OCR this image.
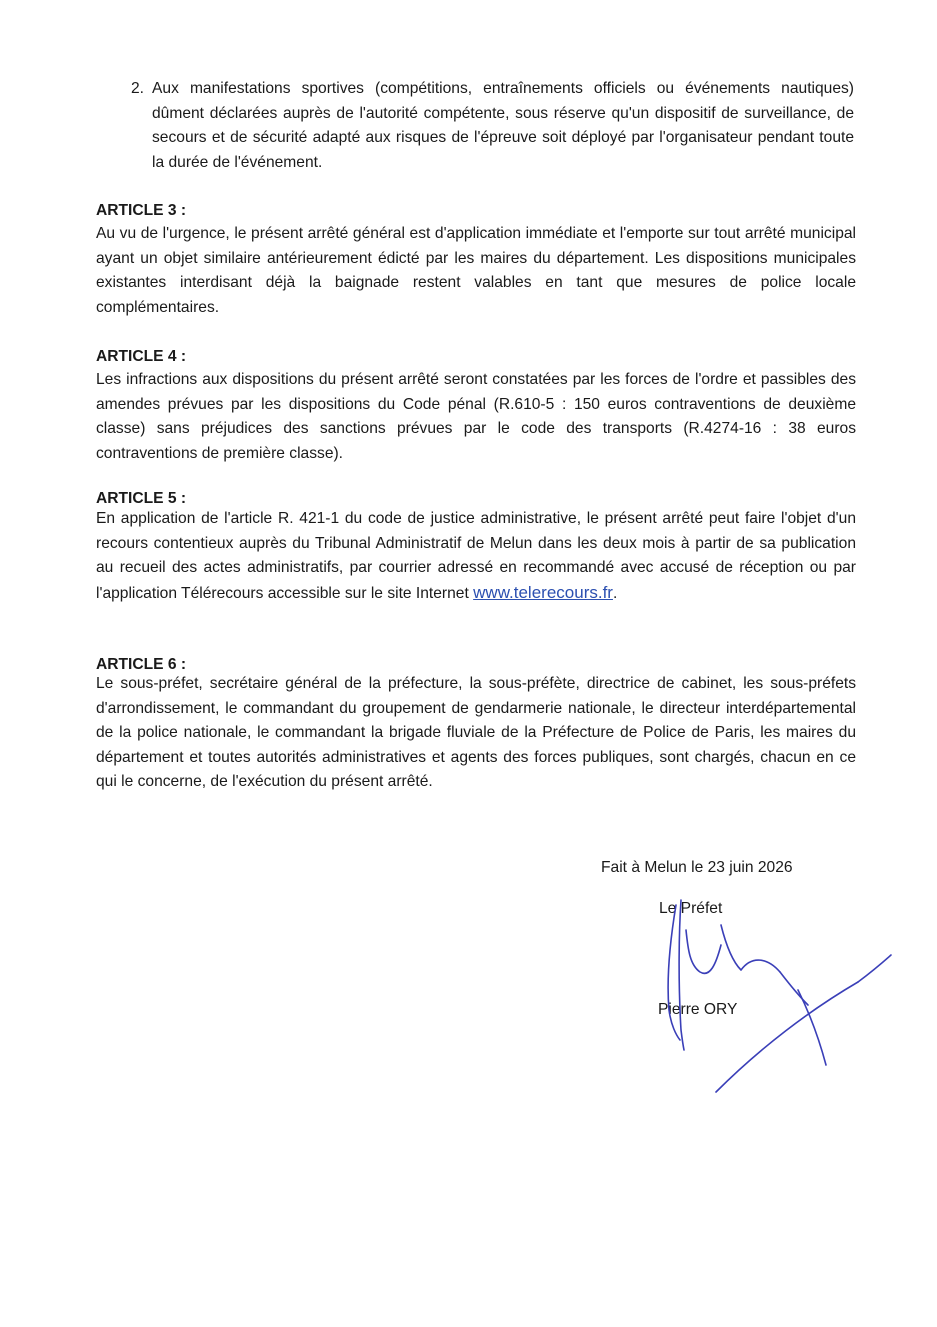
2. Aux manifestations sportives (compétitions, entraînements officiels ou événements nautiques) dûment déclarées auprès de l'autorité compétente, sous réserve qu'un dispositif de surveillance, de secours et de sécurité adapté aux risques de l'épreuve soit déployé par l'organisateur pendant toute la durée de l'événement.
ARTICLE 3 :
Au vu de l'urgence, le présent arrêté général est d'application immédiate et l'emporte sur tout arrêté municipal ayant un objet similaire antérieurement édicté par les maires du département. Les dispositions municipales existantes interdisant déjà la baignade restent valables en tant que mesures de police locale complémentaires.
ARTICLE 4 :
Les infractions aux dispositions du présent arrêté seront constatées par les forces de l'ordre et passibles des amendes prévues par les dispositions du Code pénal (R.610-5 : 150 euros contraventions de deuxième classe) sans préjudices des sanctions prévues par le code des transports (R.4274-16 : 38 euros contraventions de première classe).
ARTICLE 5 :
En application de l'article R. 421-1 du code de justice administrative, le présent arrêté peut faire l'objet d'un recours contentieux auprès du Tribunal Administratif de Melun dans les deux mois à partir de sa publication au recueil des actes administratifs, par courrier adressé en recommandé avec accusé de réception ou par l'application Télérecours accessible sur le site Internet www.telerecours.fr.
ARTICLE 6 :
Le sous-préfet, secrétaire général de la préfecture, la sous-préfète, directrice de cabinet, les sous-préfets d'arrondissement, le commandant du groupement de gendarmerie nationale, le directeur interdépartemental de la police nationale, le commandant la brigade fluviale de la Préfecture de Police de Paris, les maires du département et toutes autorités administratives et agents des forces publiques, sont chargés, chacun en ce qui le concerne, de l'exécution du présent arrêté.
Fait à Melun le 23 juin 2026
Le Préfet
Pierre ORY
